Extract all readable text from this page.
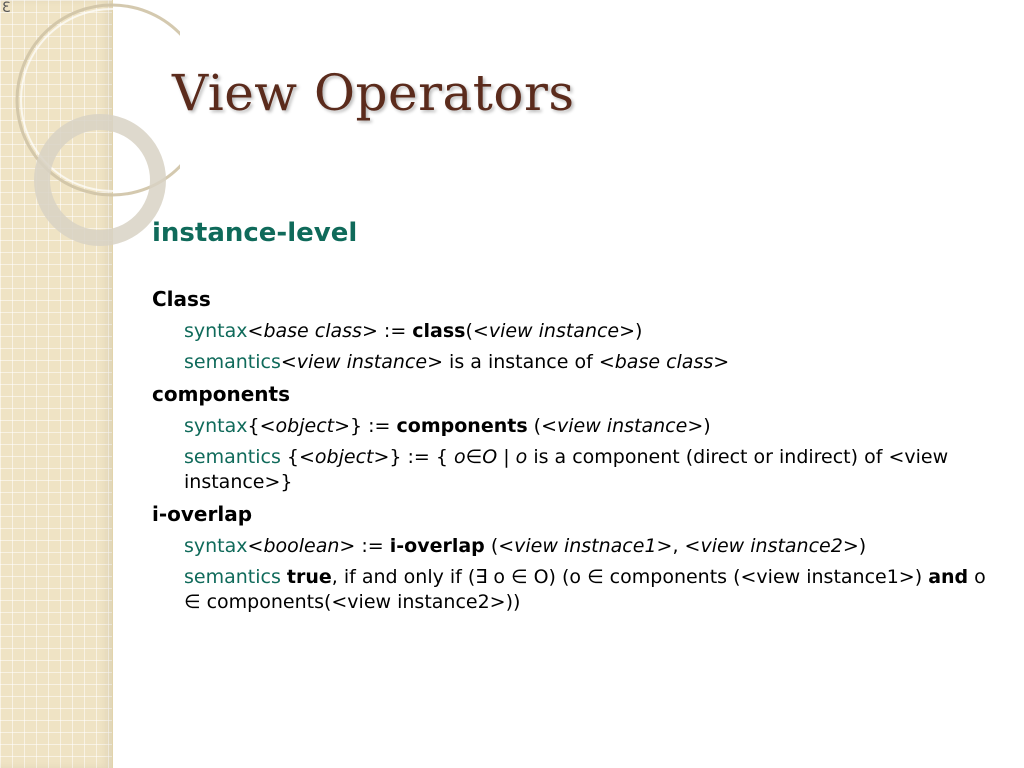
3
View Operators
instance-level
Class
syntax<base class> := class(<view instance>)
semantics<view instance> is a instance of <base class>
components
syntax{<object>} := components (<view instance>)
semantics {<object>} := { o∈O | o is a component (direct or indirect) of <view instance>}
i-overlap
syntax<boolean> := i-overlap (<view instnace1>, <view instance2>)
semantics true, if and only if (∃ o ∈ O) (o ∈ components (<view instance1>) and o ∈ components(<view instance2>))
